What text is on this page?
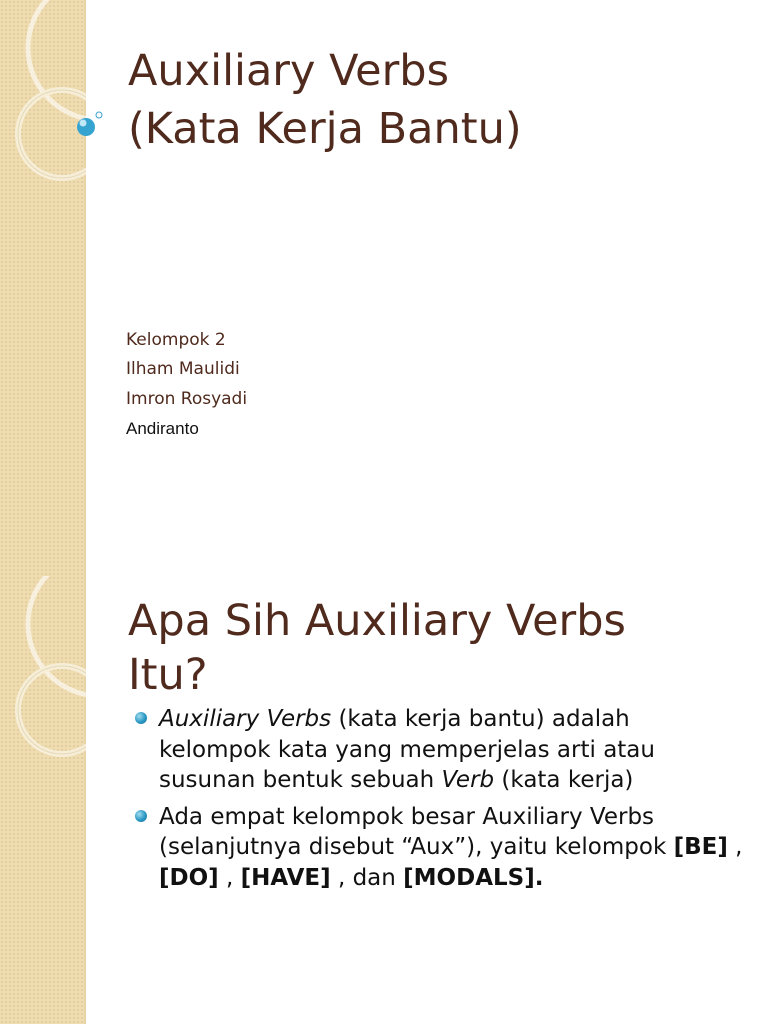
Auxiliary Verbs
(Kata Kerja Bantu)
Kelompok 2
Ilham Maulidi
Imron Rosyadi
Andiranto
Apa Sih Auxiliary Verbs
Itu?
Auxiliary Verbs (kata kerja bantu) adalah kelompok kata yang memperjelas arti atau susunan bentuk sebuah Verb (kata kerja)
Ada empat kelompok besar Auxiliary Verbs (selanjutnya disebut “Aux”), yaitu kelompok [BE] , [DO] , [HAVE] , dan [MODALS].
